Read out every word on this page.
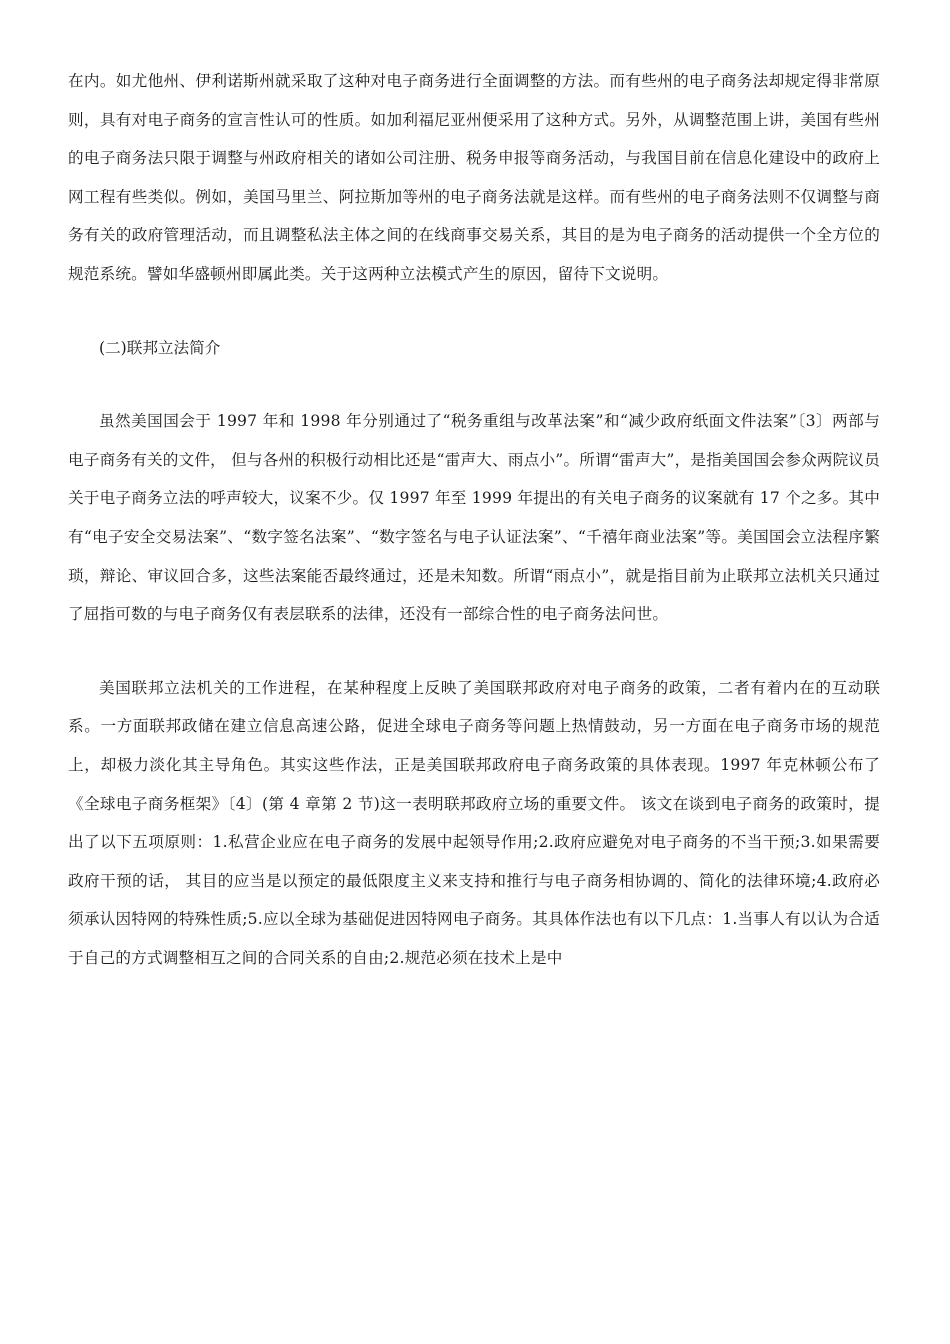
在内。如尤他州、伊利诺斯州就采取了这种对电子商务进行全面调整的方法。而有些州的电子商务法却规定得非常原则，具有对电子商务的宣言性认可的性质。如加利福尼亚州便采用了这种方式。另外，从调整范围上讲，美国有些州的电子商务法只限于调整与州政府相关的诸如公司注册、税务申报等商务活动，与我国目前在信息化建设中的政府上网工程有些类似。例如，美国马里兰、阿拉斯加等州的电子商务法就是这样。而有些州的电子商务法则不仅调整与商务有关的政府管理活动，而且调整私法主体之间的在线商事交易关系，其目的是为电子商务的活动提供一个全方位的规范系统。譬如华盛顿州即属此类。关于这两种立法模式产生的原因，留待下文说明。

(二)联邦立法简介

虽然美国国会于 1997 年和 1998 年分别通过了“税务重组与改革法案”和“减少政府纸面文件法案”〔3〕两部与电子商务有关的文件， 但与各州的积极行动相比还是“雷声大、雨点小”。所谓“雷声大”，是指美国国会参众两院议员关于电子商务立法的呼声较大，议案不少。仅 1997 年至 1999 年提出的有关电子商务的议案就有 17 个之多。其中有“电子安全交易法案”、“数字签名法案”、“数字签名与电子认证法案”、“千禧年商业法案”等。美国国会立法程序繁琐，辩论、审议回合多，这些法案能否最终通过，还是未知数。所谓“雨点小”，就是指目前为止联邦立法机关只通过了屈指可数的与电子商务仅有表层联系的法律，还没有一部综合性的电子商务法问世。

美国联邦立法机关的工作进程，在某种程度上反映了美国联邦政府对电子商务的政策，二者有着内在的互动联系。一方面联邦政储在建立信息高速公路，促进全球电子商务等问题上热情鼓动，另一方面在电子商务市场的规范上，却极力淡化其主导角色。其实这些作法，正是美国联邦政府电子商务政策的具体表现。1997 年克林顿公布了《全球电子商务框架》〔4〕(第 4 章第 2 节)这一表明联邦政府立场的重要文件。 该文在谈到电子商务的政策时，提出了以下五项原则：1.私营企业应在电子商务的发展中起领导作用;2.政府应避免对电子商务的不当干预;3.如果需要政府干预的话， 其目的应当是以预定的最低限度主义来支持和推行与电子商务相协调的、简化的法律环境;4.政府必须承认因特网的特殊性质;5.应以全球为基础促进因特网电子商务。其具体作法也有以下几点：1.当事人有以认为合适于自己的方式调整相互之间的合同关系的自由;2.规范必须在技术上是中
